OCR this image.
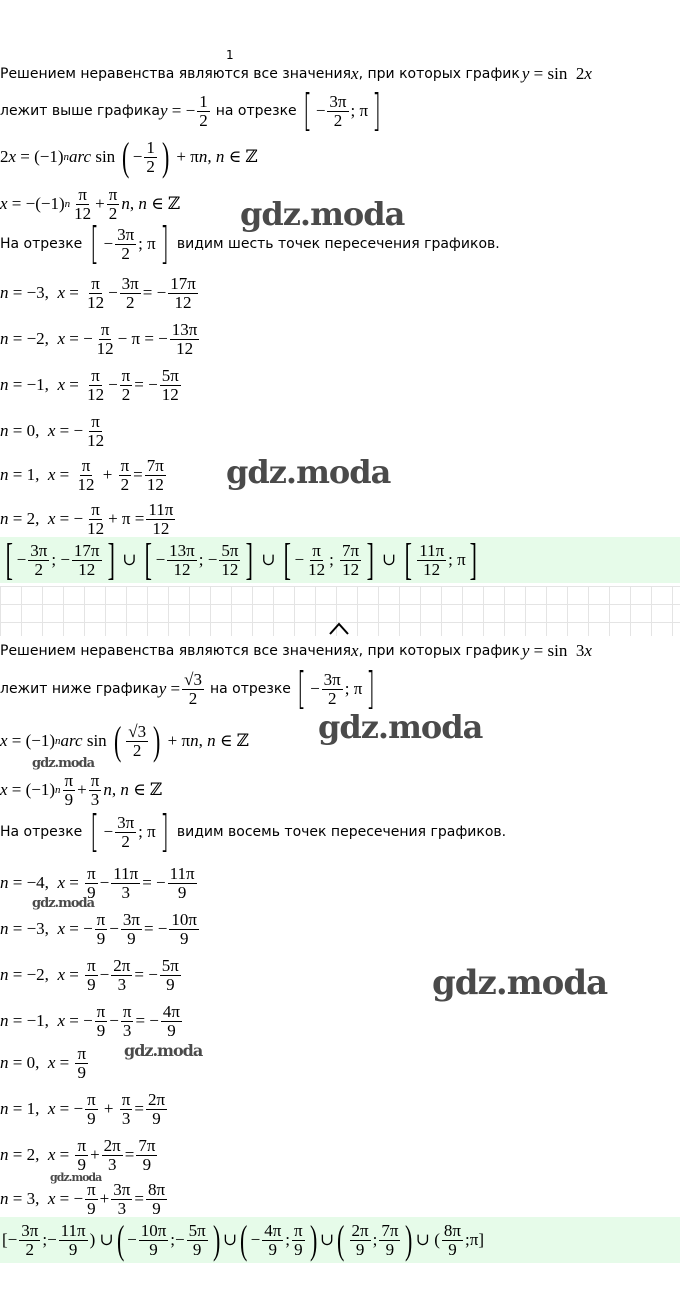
1
Решением неравенства являются все значения x , при которых график y = sin  2 x
лежит выше графика y = − $\frac{1}{2}$ на отрезке [ − $\frac{3\pi}{2}$ ; π ]
2 x = (−1) n arc sin ( − $\frac{1}{2}$ ) + π n , n ∈ ℤ
x = −(−1) n $\frac{\pi}{12} + \frac{\pi}{2}$ n , n ∈ ℤ
На отрезке [ − $\frac{3\pi}{2}$ ; π ] видим шесть точек пересечения графиков.
n = −3, $x = \frac{\pi}{12} - \frac{3\pi}{2}$ = − $\frac{17\pi}{12}$
n = −2, x = − $\frac{\pi}{12} - \pi$ = − $\frac{13\pi}{12}$
n = −1, $x = \frac{\pi}{12} - \frac{\pi}{2}$ = − $\frac{5\pi}{12}$
n = 0, x = − $\frac{\pi}{12}$
n = 1, $x = \frac{\pi}{12} + \frac{\pi}{2} = \frac{7\pi}{12}$
n = 2, x = − $\frac{\pi}{12} + \pi = \frac{11\pi}{12}$
[ − $\frac{3\pi}{2}$ ; − $\frac{17\pi}{12}$ ] ∪ [ − $\frac{13\pi}{12}$ ; − $\frac{5\pi}{12}$ ] ∪ [ − $\frac{\pi}{12}$ ; $\frac{7\pi}{12}$ ] ∪ [ $\frac{11\pi}{12}$ ; π ]
Решением неравенства являются все значения x , при которых график y = sin  3 x
лежит ниже графика $y = \frac{√3}{2}$ на отрезке [ − $\frac{3\pi}{2}$ ; π ]
x = (−1) n arc sin ( $\frac{√3}{2}$ ) + π n , n ∈ ℤ
x = (−1) n $\frac{\pi}{9} + \frac{\pi}{3}$ n , n ∈ ℤ
На отрезке [ − $\frac{3\pi}{2}$ ; π ] видим восемь точек пересечения графиков.
n = −4, $x = \frac{\pi}{9} - \frac{11\pi}{3}$ = − $\frac{11\pi}{9}$
n = −3, x = − $\frac{\pi}{9} - \frac{3\pi}{9}$ = − $\frac{10\pi}{9}$
n = −2, $x = \frac{\pi}{9} - \frac{2\pi}{3}$ = − $\frac{5\pi}{9}$
n = −1, x = − $\frac{\pi}{9} - \frac{\pi}{3}$ = − $\frac{4\pi}{9}$
n = 0, $x = \frac{\pi}{9}$
n = 1, x = − $\frac{\pi}{9} + \frac{\pi}{3} = \frac{2\pi}{9}$
n = 2, $x = \frac{\pi}{9} + \frac{2\pi}{3} = \frac{7\pi}{9}$
n = 3, x = − $\frac{\pi}{9} + \frac{3\pi}{3} = \frac{8\pi}{9}$
[− $\frac{3\pi}{2}$ ;− $\frac{11\pi}{9}$ ) ∪ ( − $\frac{10\pi}{9}$ ;− $\frac{5\pi}{9}$ ) ∪ ( − $\frac{4\pi}{9}$ ; $\frac{\pi}{9}$ ) ∪ ( $\frac{2\pi}{9}$ ; $\frac{7\pi}{9}$ ) ∪ ( $\frac{8\pi}{9}$ ;π]
gdz.moda
gdz.moda
gdz.moda
gdz.moda
gdz.moda
gdz.moda
gdz.moda
gdz.moda
